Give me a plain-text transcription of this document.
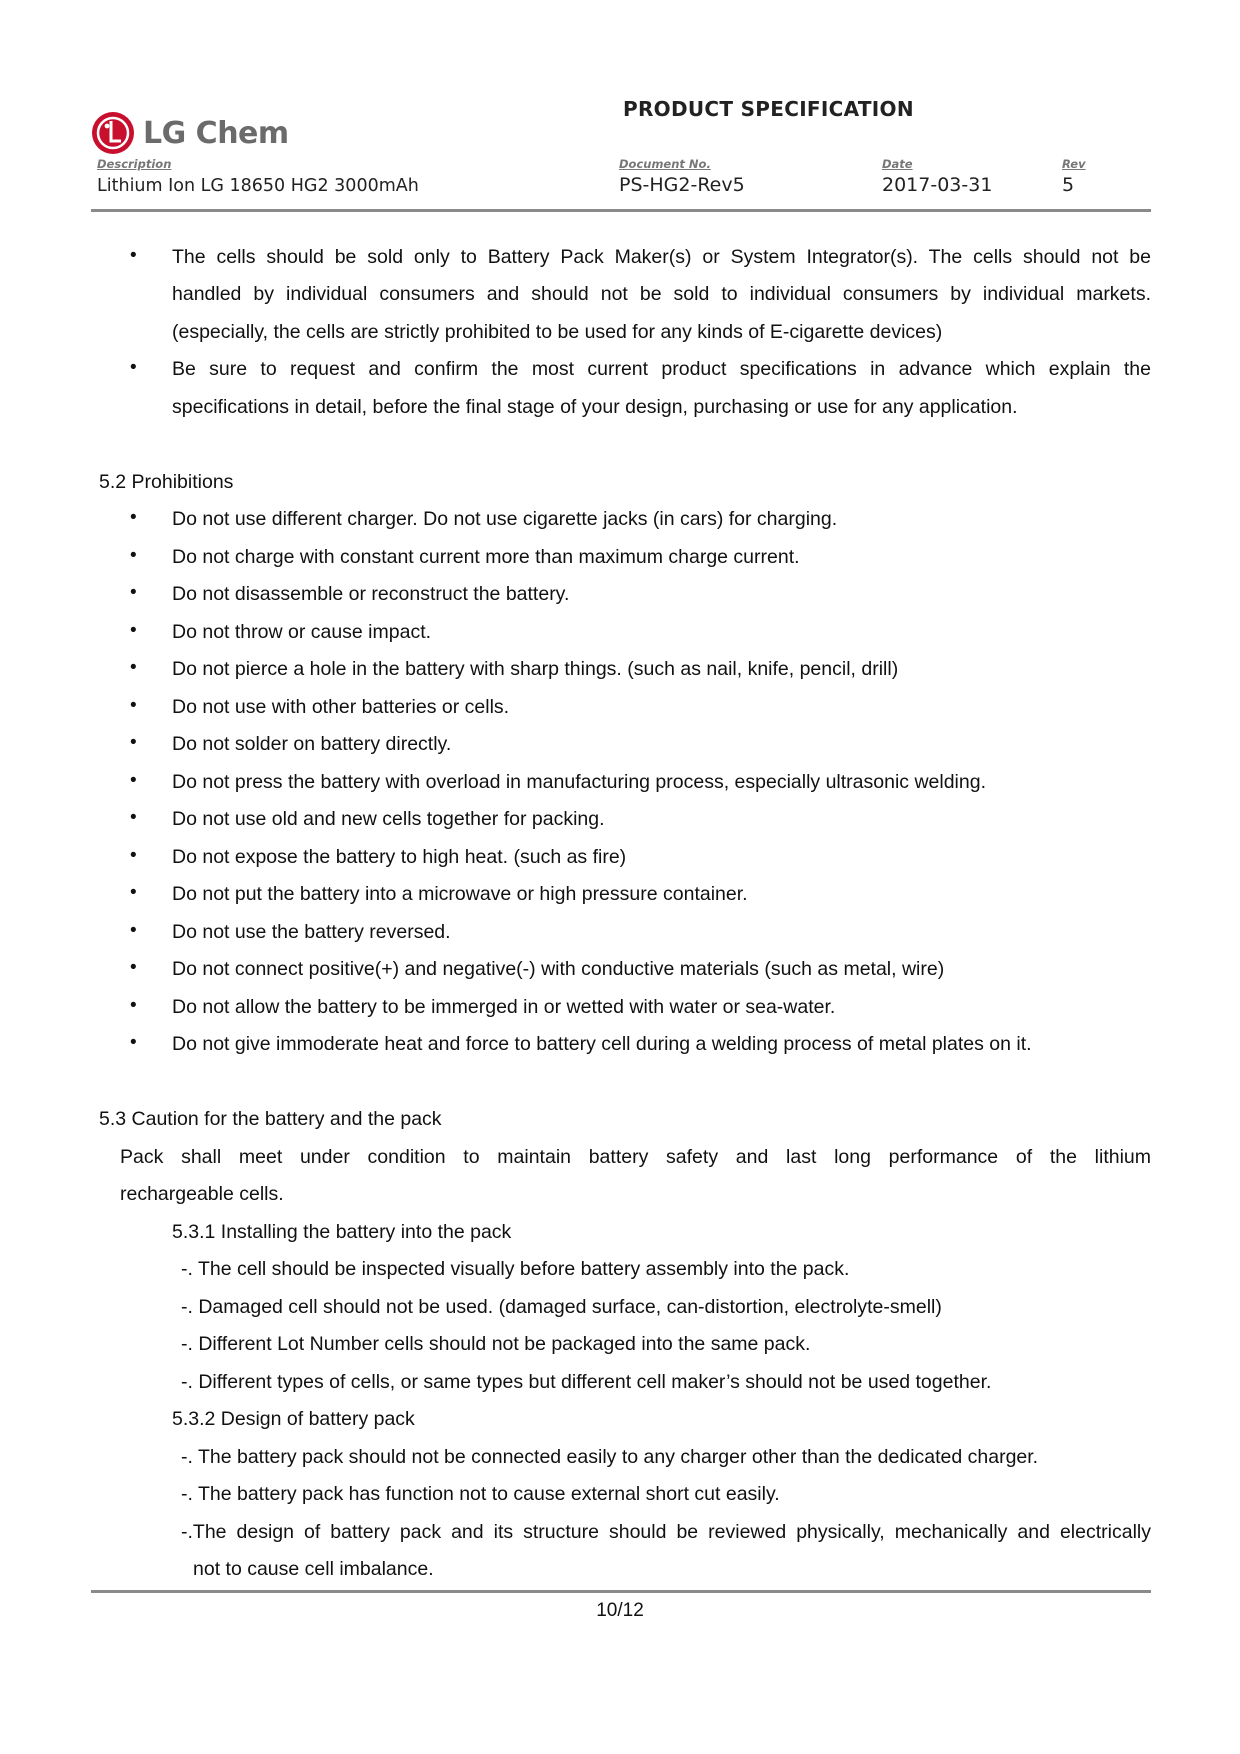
LG Chem
PRODUCT SPECIFICATION
Description
Lithium Ion LG 18650 HG2 3000mAh
Document No.
PS-HG2-Rev5
Date
2017-03-31
Rev
5
• The cells should be sold only to Battery Pack Maker(s) or System Integrator(s). The cells should not be
handled by individual consumers and should not be sold to individual consumers by individual markets.
(especially, the cells are strictly prohibited to be used for any kinds of E-cigarette devices)
• Be sure to request and confirm the most current product specifications in advance which explain the
specifications in detail, before the final stage of your design, purchasing or use for any application.
5.2 Prohibitions
• Do not use different charger. Do not use cigarette jacks (in cars) for charging.
• Do not charge with constant current more than maximum charge current.
• Do not disassemble or reconstruct the battery.
• Do not throw or cause impact.
• Do not pierce a hole in the battery with sharp things. (such as nail, knife, pencil, drill)
• Do not use with other batteries or cells.
• Do not solder on battery directly.
• Do not press the battery with overload in manufacturing process, especially ultrasonic welding.
• Do not use old and new cells together for packing.
• Do not expose the battery to high heat. (such as fire)
• Do not put the battery into a microwave or high pressure container.
• Do not use the battery reversed.
• Do not connect positive(+) and negative(-) with conductive materials (such as metal, wire)
• Do not allow the battery to be immerged in or wetted with water or sea-water.
• Do not give immoderate heat and force to battery cell during a welding process of metal plates on it.
5.3 Caution for the battery and the pack
Pack shall meet under condition to maintain battery safety and last long performance of the lithium
rechargeable cells.
5.3.1 Installing the battery into the pack
-. The cell should be inspected visually before battery assembly into the pack.
-. Damaged cell should not be used. (damaged surface, can-distortion, electrolyte-smell)
-. Different Lot Number cells should not be packaged into the same pack.
-. Different types of cells, or same types but different cell maker’s should not be used together.
5.3.2 Design of battery pack
-. The battery pack should not be connected easily to any charger other than the dedicated charger.
-. The battery pack has function not to cause external short cut easily.
-.The design of battery pack and its structure should be reviewed physically, mechanically and electrically
not to cause cell imbalance.
10/12
